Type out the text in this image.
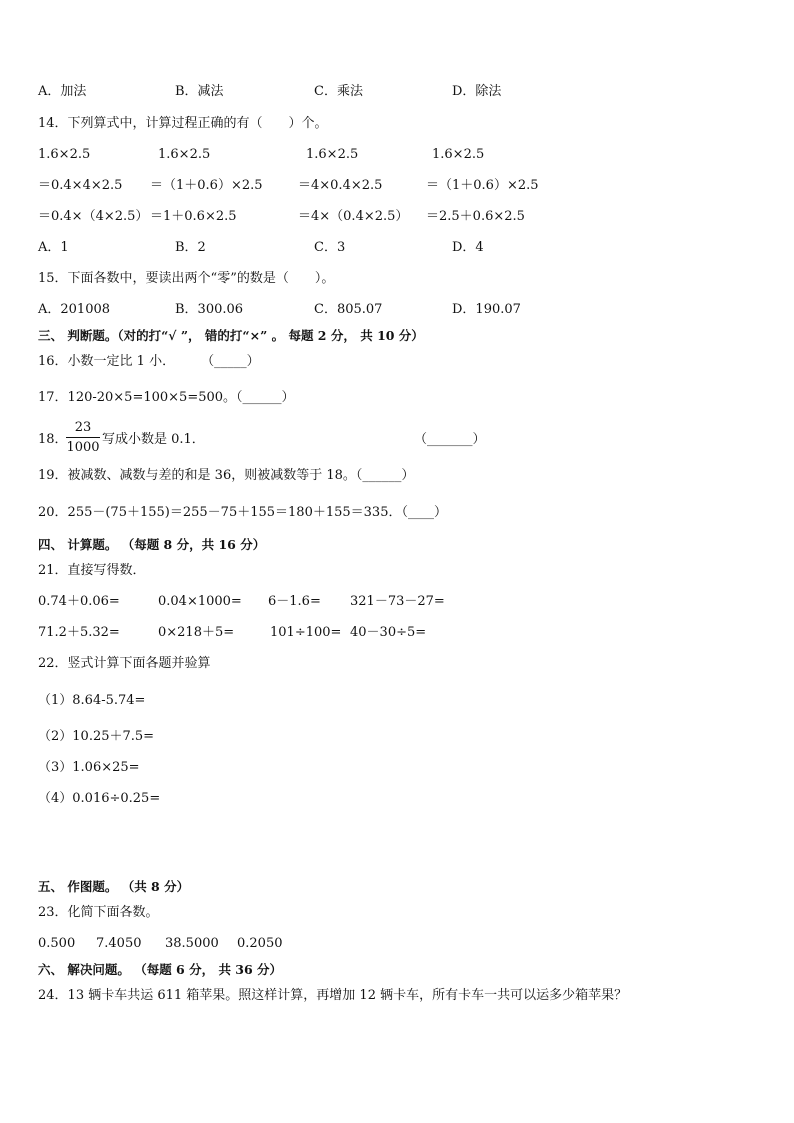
A．加法	B．减法	C．乘法	D．除法
14．下列算式中，计算过程正确的有（　　）个。
1.6×2.5	1.6×2.5	1.6×2.5	1.6×2.5
＝0.4×4×2.5 ＝（1＋0.6）×2.5	＝4×0.4×2.5	＝（1＋0.6）×2.5
＝0.4×（4×2.5） ＝1＋0.6×2.5	＝4×（0.4×2.5） ＝2.5＋0.6×2.5
A．1	B．2	C．3	D．4
15．下面各数中，要读出两个“零”的数是（　　）。
A．201008	B．300.06	C．805.07	D．190.07
三、 判断题。（对的打“√ ”， 错的打“×” 。 每题 2 分， 共 10 分）
16．小数一定比 1 小．　　　（_____）
17．120-20×5=100×5=500。（______）
18．
23
1000
写成小数是 0.1．	（_______）
19．被减数、减数与差的和是 36，则被减数等于 18。（______）
20．255－(75＋155)＝255－75＋155＝180＋155＝335．（____）
四、 计算题。 （每题 8 分，共 16 分）
21．直接写得数．
0.74＋0.06=	0.04×1000= 6－1.6= 321－73－27=
71.2＋5.32=	0×218＋5=	101÷100= 40－30÷5=
22．竖式计算下面各题并验算
（1）8.64-5.74=
（2）10.25＋7.5=
（3）1.06×25=
（4）0.016÷0.25=
五、 作图题。 （共 8 分）
23．化简下面各数。
0.500 7.4050 38.5000 0.2050
六、 解决问题。 （每题 6 分， 共 36 分）
24．13 辆卡车共运 611 箱苹果。照这样计算，再增加 12 辆卡车，所有卡车一共可以运多少箱苹果？
